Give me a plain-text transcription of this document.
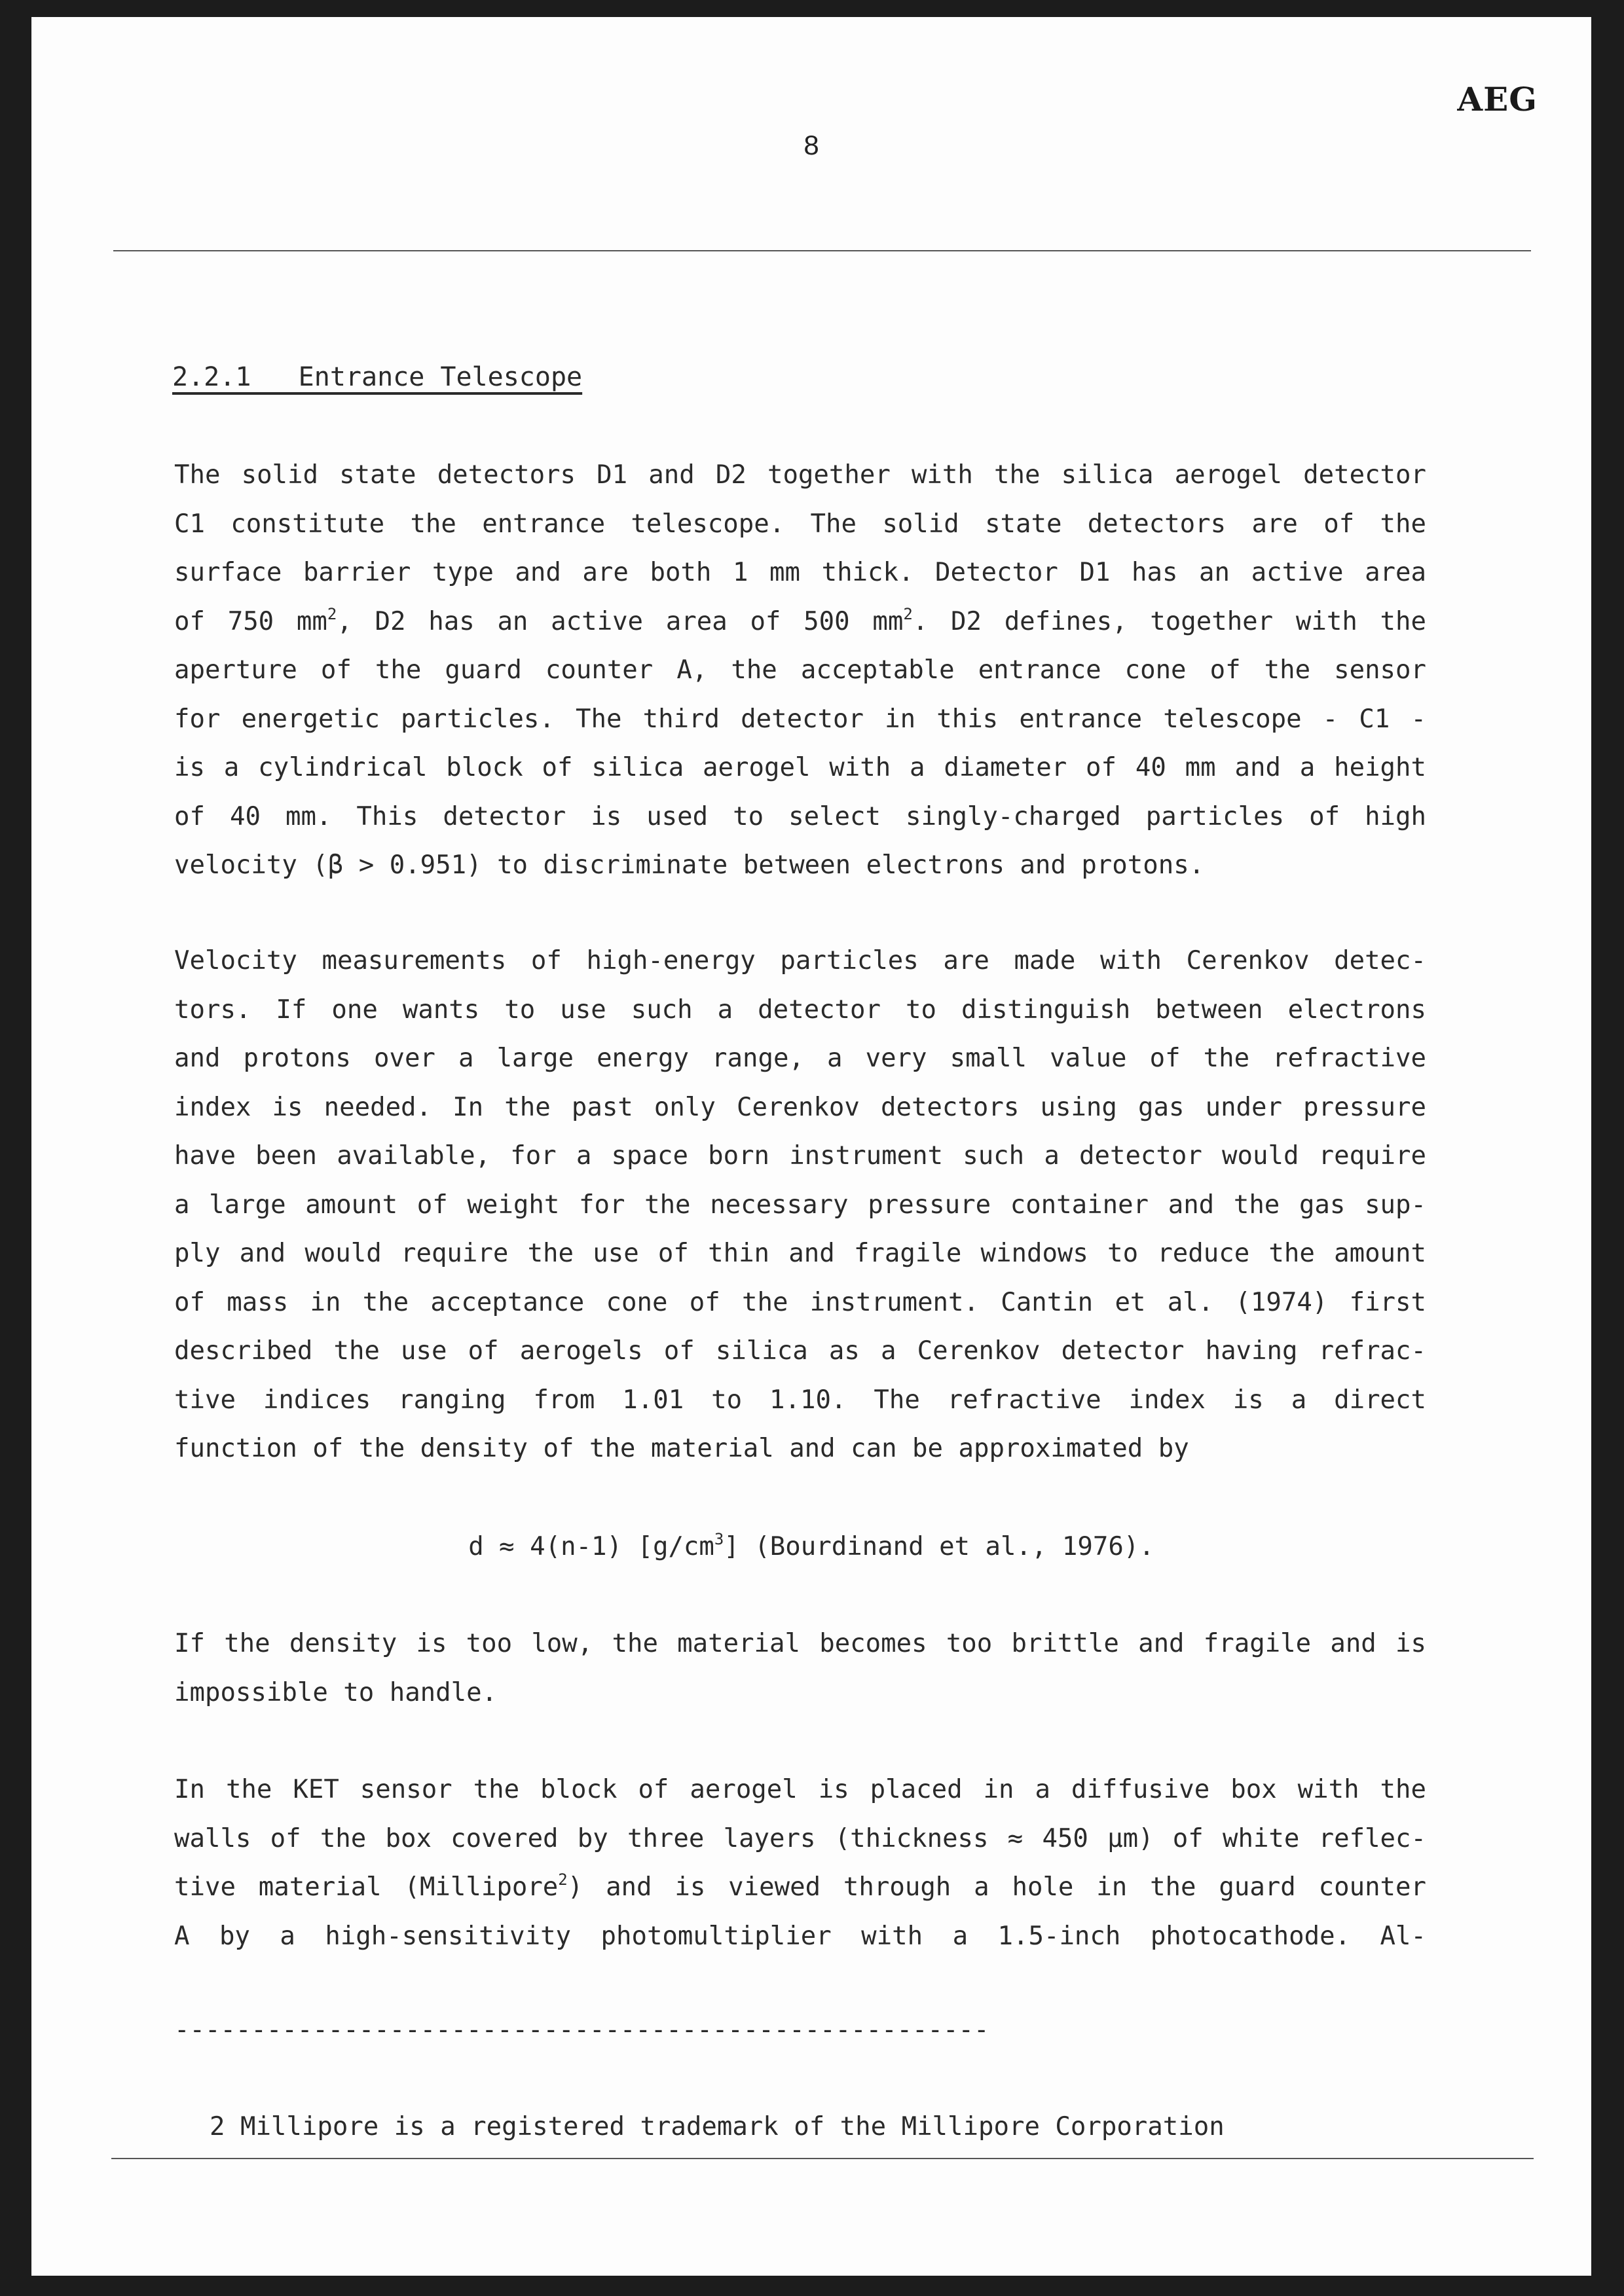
AEG
8
2.2.1   Entrance Telescope
The solid state detectors D1 and D2 together with the silica aerogel detector
C1 constitute the entrance telescope. The solid state detectors are of the
surface barrier type and are both 1 mm thick. Detector D1 has an active area
of 750 $mm^2$, D2 has an active area of 500 $mm^2$. D2 defines, together with the
aperture of the guard counter A, the acceptable entrance cone of the sensor
for energetic particles. The third detector in this entrance telescope - C1 -
is a cylindrical block of silica aerogel with a diameter of 40 mm and a height
of 40 mm. This detector is used to select singly-charged particles of high
velocity (β > 0.951) to discriminate between electrons and protons.
Velocity measurements of high-energy particles are made with Cerenkov detec-
tors. If one wants to use such a detector to distinguish between electrons
and protons over a large energy range, a very small value of the refractive
index is needed. In the past only Cerenkov detectors using gas under pressure
have been available, for a space born instrument such a detector would require
a large amount of weight for the necessary pressure container and the gas sup-
ply and would require the use of thin and fragile windows to reduce the amount
of mass in the acceptance cone of the instrument. Cantin et al. (1974) first
described the use of aerogels of silica as a Cerenkov detector having refrac-
tive indices ranging from 1.01 to 1.10. The refractive index is a direct
function of the density of the material and can be approximated by

d ≈ 4(n-1) $[g/cm^3]$ (Bourdinand et al., 1976).

If the density is too low, the material becomes too brittle and fragile and is
impossible to handle.
In the KET sensor the block of aerogel is placed in a diffusive box with the
walls of the box covered by three layers (thickness ≈ 450 µm) of white reflec-
tive material (Millipore$^2$) and is viewed through a hole in the guard counter
A by a high-sensitivity photomultiplier with a 1.5-inch photocathode. Al-

-----------------------------------------------------

2 Millipore is a registered trademark of the Millipore Corporation
